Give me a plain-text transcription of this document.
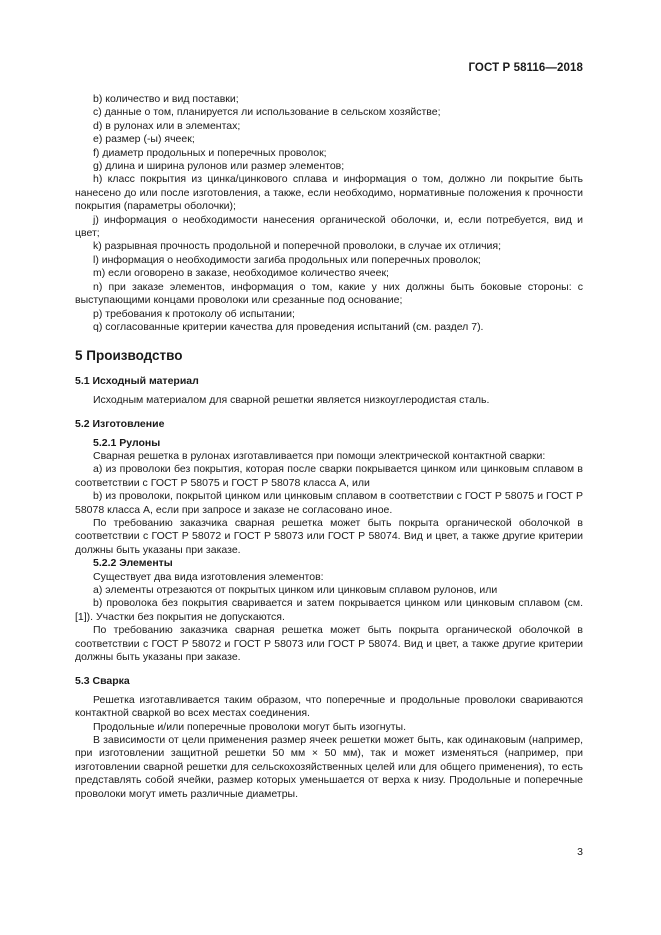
ГОСТ Р 58116—2018

b) количество и вид поставки;

c) данные о том, планируется ли использование в сельском хозяйстве;

d) в рулонах или в элементах;

e) размер (-ы) ячеек;

f) диаметр продольных и поперечных проволок;

g) длина и ширина рулонов или размер элементов;

h) класс покрытия из цинка/цинкового сплава и информация о том, должно ли покрытие быть нанесено до или после изготовления, а также, если необходимо, нормативные положения к прочности покрытия (параметры оболочки);

j) информация о необходимости нанесения органической оболочки, и, если потребуется, вид и цвет;

k) разрывная прочность продольной и поперечной проволоки, в случае их отличия;

l) информация о необходимости загиба продольных или поперечных проволок;

m) если оговорено в заказе, необходимое количество ячеек;

n) при заказе элементов, информация о том, какие у них должны быть боковые стороны: с выступающими концами проволоки или срезанные под основание;

p) требования к протоколу об испытании;

q) согласованные критерии качества для проведения испытаний (см. раздел 7).

5 Производство
5.1 Исходный материал

Исходным материалом для сварной решетки является низкоуглеродистая сталь.

5.2 Изготовление
5.2.1 Рулоны

Сварная решетка в рулонах изготавливается при помощи электрической контактной сварки:

a) из проволоки без покрытия, которая после сварки покрывается цинком или цинковым сплавом в соответствии с ГОСТ Р 58075 и ГОСТ Р 58078 класса А, или

b) из проволоки, покрытой цинком или цинковым сплавом в соответствии с ГОСТ Р 58075 и ГОСТ Р 58078 класса А, если при запросе и заказе не согласовано иное.

По требованию заказчика сварная решетка может быть покрыта органической оболочкой в соответствии с ГОСТ Р 58072 и ГОСТ Р 58073 или ГОСТ Р 58074. Вид и цвет, а также другие критерии должны быть указаны при заказе.

5.2.2 Элементы

Существует два вида изготовления элементов:

a) элементы отрезаются от покрытых цинком или цинковым сплавом рулонов, или

b) проволока без покрытия сваривается и затем покрывается цинком или цинковым сплавом (см. [1]). Участки без покрытия не допускаются.

По требованию заказчика сварная решетка может быть покрыта органической оболочкой в соответствии с ГОСТ Р 58072 и ГОСТ Р 58073 или ГОСТ Р 58074. Вид и цвет, а также другие критерии должны быть указаны при заказе.

5.3 Сварка

Решетка изготавливается таким образом, что поперечные и продольные проволоки свариваются контактной сваркой во всех местах соединения.

Продольные и/или поперечные проволоки могут быть изогнуты.

В зависимости от цели применения размер ячеек решетки может быть, как одинаковым (например, при изготовлении защитной решетки 50 мм × 50 мм), так и может изменяться (например, при изготовлении сварной решетки для сельскохозяйственных целей или для общего применения), то есть представлять собой ячейки, размер которых уменьшается от верха к низу. Продольные и поперечные проволоки могут иметь различные диаметры.

3
